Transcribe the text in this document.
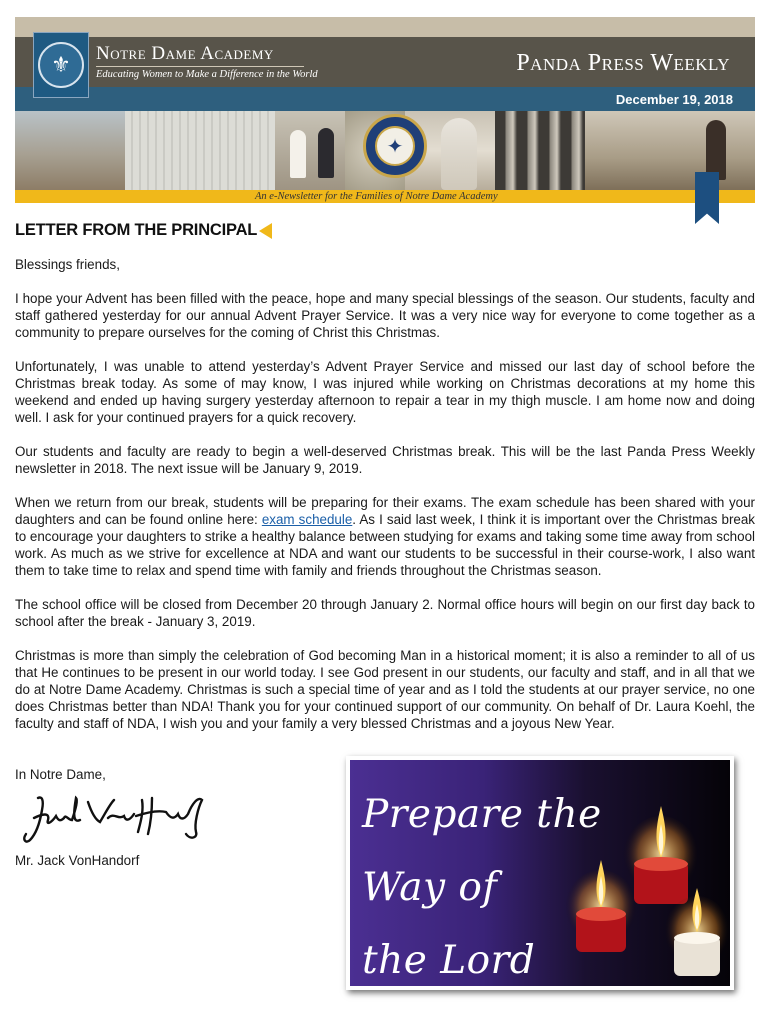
December 19, 2018
⚜	Notre Dame Academy
Educating Women to Make a Difference in the World	Panda Press Weekly
✦
An e-Newsletter for the Families of Notre Dame Academy
LETTER FROM THE PRINCIPAL

Blessings friends,

I hope your Advent has been filled with the peace, hope and many special blessings of the season. Our students, faculty and staff gathered yesterday for our annual Advent Prayer Service. It was a very nice way for everyone to come together as a community to prepare ourselves for the coming of Christ this Christmas.

Unfortunately, I was unable to attend yesterday’s Advent Prayer Service and missed our last day of school before the Christmas break today. As some of may know, I was injured while working on Christmas decorations at my home this weekend and ended up having surgery yesterday afternoon to repair a tear in my thigh muscle. I am home now and doing well. I ask for your continued prayers for a quick recovery.

Our students and faculty are ready to begin a well-deserved Christmas break. This will be the last Panda Press Weekly newsletter in 2018. The next issue will be January 9, 2019.

When we return from our break, students will be preparing for their exams. The exam schedule has been shared with your daughters and can be found online here: exam schedule. As I said last week, I think it is important over the Christmas break to encourage your daughters to strike a healthy balance between studying for exams and taking some time away from school work. As much as we strive for excellence at NDA and want our students to be successful in their course-work, I also want them to take time to relax and spend time with family and friends throughout the Christmas season.

The school office will be closed from December 20 through January 2. Normal office hours will begin on our first day back to school after the break - January 3, 2019.

Christmas is more than simply the celebration of God becoming Man in a historical moment; it is also a reminder to all of us that He continues to be present in our world today. I see God present in our students, our faculty and staff, and in all that we do at Notre Dame Academy. Christmas is such a special time of year and as I told the students at our prayer service, no one does Christmas better than NDA! Thank you for your continued support of our community. On behalf of Dr. Laura Koehl, the faculty and staff of NDA, I wish you and your family a very blessed Christmas and a joyous New Year.

In Notre Dame,
Mr. Jack VonHandorf
Prepare the
Way of
the Lord
